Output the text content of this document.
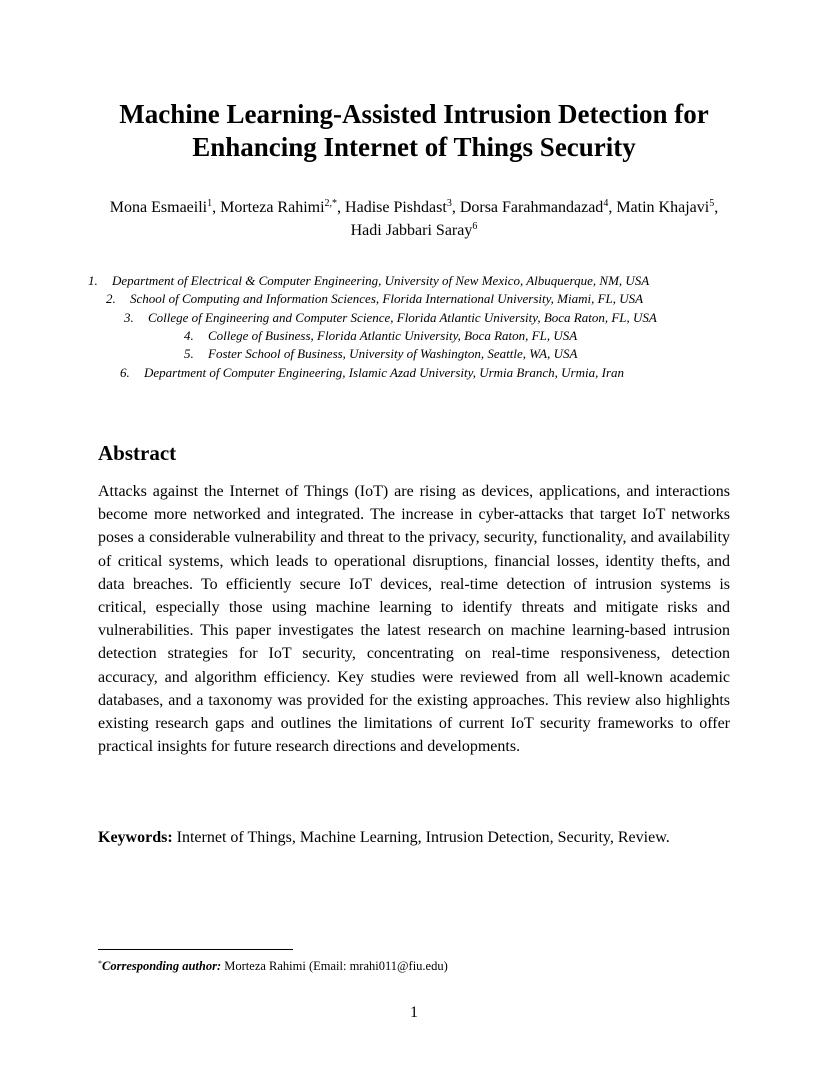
Machine Learning-Assisted Intrusion Detection for
Enhancing Internet of Things Security
Mona Esmaeili$^1$, Morteza Rahimi$^{2,*}$, Hadise Pishdast$^3$, Dorsa Farahmandazad$^4$, Matin Khajavi$^5$,
Hadi Jabbari Saray$^6$
1. Department of Electrical & Computer Engineering, University of New Mexico, Albuquerque, NM, USA
2. School of Computing and Information Sciences, Florida International University, Miami, FL, USA
3. College of Engineering and Computer Science, Florida Atlantic University, Boca Raton, FL, USA
4. College of Business, Florida Atlantic University, Boca Raton, FL, USA
5. Foster School of Business, University of Washington, Seattle, WA, USA
6. Department of Computer Engineering, Islamic Azad University, Urmia Branch, Urmia, Iran
Abstract
Attacks against the Internet of Things (IoT) are rising as devices, applications, and interactions become more networked and integrated. The increase in cyber-attacks that target IoT networks poses a considerable vulnerability and threat to the privacy, security, functionality, and availability of critical systems, which leads to operational disruptions, financial losses, identity thefts, and data breaches. To efficiently secure IoT devices, real-time detection of intrusion systems is critical, especially those using machine learning to identify threats and mitigate risks and vulnerabilities. This paper investigates the latest research on machine learning-based intrusion detection strategies for IoT security, concentrating on real-time responsiveness, detection accuracy, and algorithm efficiency. Key studies were reviewed from all well-known academic databases, and a taxonomy was provided for the existing approaches. This review also highlights existing research gaps and outlines the limitations of current IoT security frameworks to offer practical insights for future research directions and developments.
Keywords: Internet of Things, Machine Learning, Intrusion Detection, Security, Review.
*Corresponding author: Morteza Rahimi (Email: mrahi011@fiu.edu)
1
